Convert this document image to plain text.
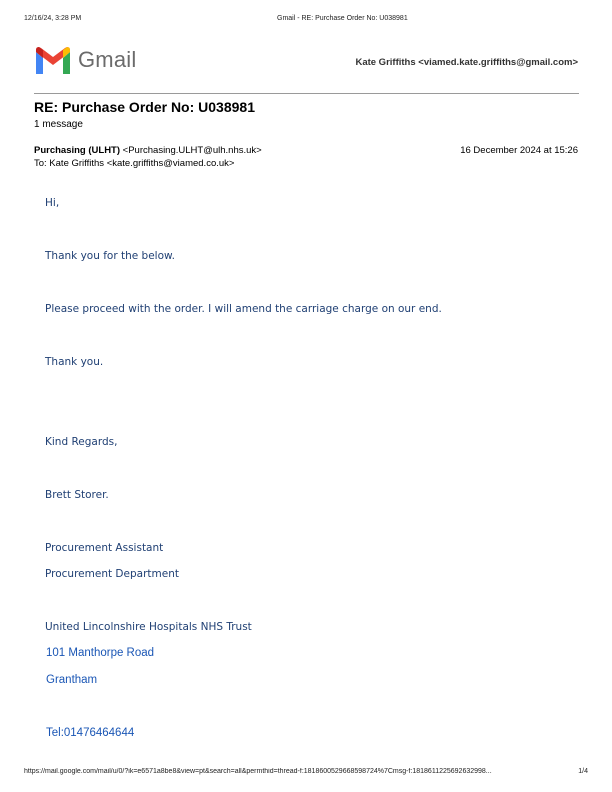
12/16/24, 3:28 PM	Gmail - RE: Purchase Order No: U038981
Gmail	Kate Griffiths <viamed.kate.griffiths@gmail.com>
RE: Purchase Order No: U038981
1 message
Purchasing (ULHT) <Purchasing.ULHT@ulh.nhs.uk>	16 December 2024 at 15:26
To: Kate Griffiths <kate.griffiths@viamed.co.uk>
Hi,
Thank you for the below.
Please proceed with the order. I will amend the carriage charge on our end.
Thank you.
Kind Regards,
Brett Storer.
Procurement Assistant
Procurement Department
United Lincolnshire Hospitals NHS Trust
101 Manthorpe Road
Grantham
Tel:01476464644
https://mail.google.com/mail/u/0/?ik=e6571a8be8&view=pt&search=all&permthid=thread-f:1818600529668598724%7Cmsg-f:1818611225692632998...	1/4
